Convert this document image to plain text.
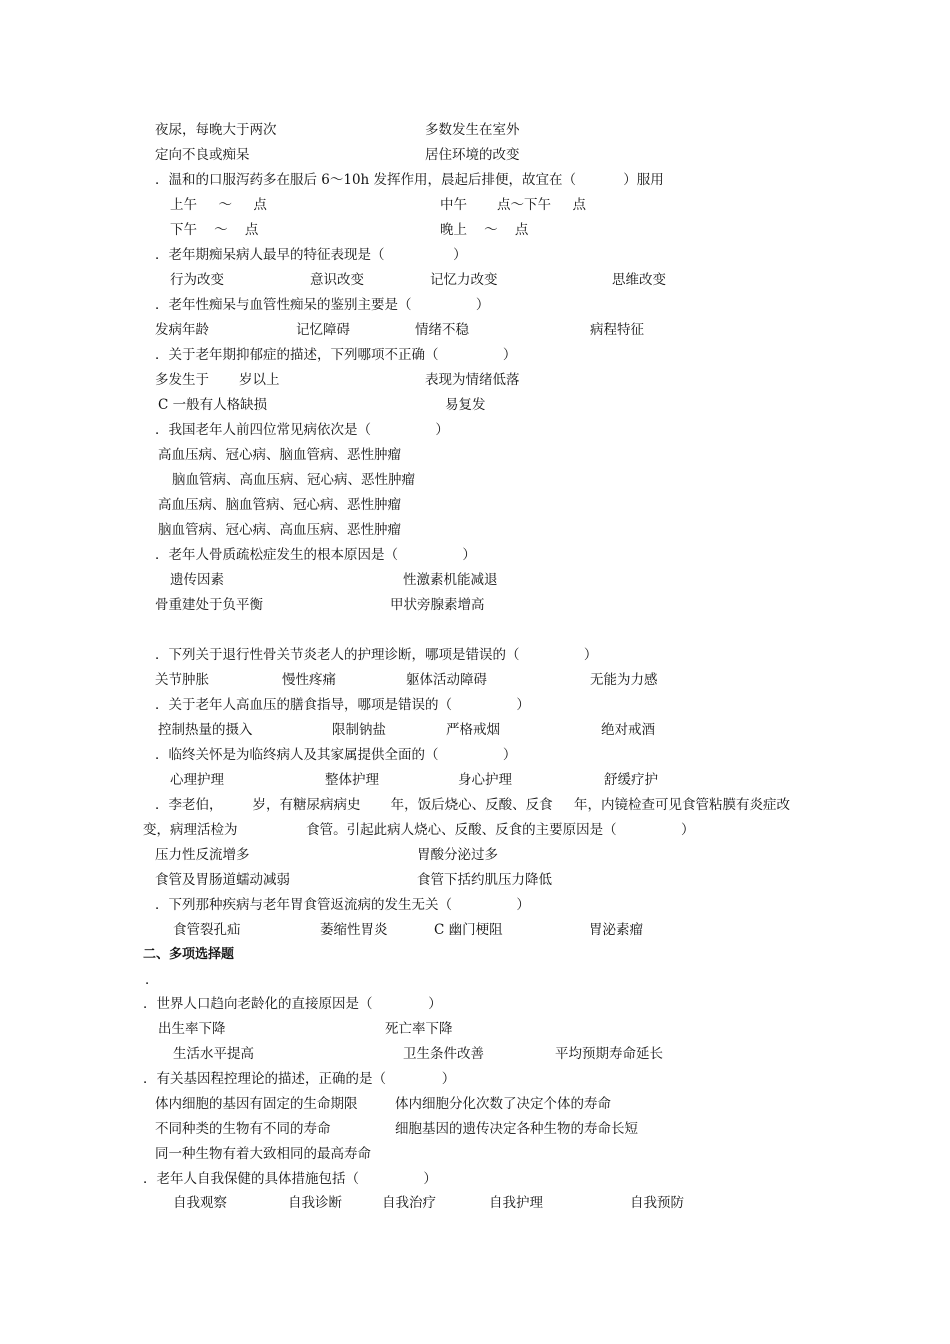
夜尿，每晚大于两次	多数发生在室外
定向不良或痴呆	居住环境的改变
．温和的口服泻药多在服后 6～10h 发挥作用，晨起后排便，故宜在（           ）服用
上午     ～     点	中午       点～下午     点
下午    ～    点	晚上    ～    点
．老年期痴呆病人最早的特征表现是（                ）
行为改变	意识改变	记忆力改变	思维改变
．老年性痴呆与血管性痴呆的鉴别主要是（               ）
发病年龄	记忆障碍	情绪不稳	病程特征
．关于老年期抑郁症的描述，下列哪项不正确（               ）
多发生于       岁以上	表现为情绪低落
C 一般有人格缺损	易复发
．我国老年人前四位常见病依次是（               ）
高血压病、冠心病、脑血管病、恶性肿瘤
脑血管病、高血压病、冠心病、恶性肿瘤
高血压病、脑血管病、冠心病、恶性肿瘤
脑血管病、冠心病、高血压病、恶性肿瘤
．老年人骨质疏松症发生的根本原因是（               ）
遗传因素	性激素机能减退
骨重建处于负平衡	甲状旁腺素增高
．下列关于退行性骨关节炎老人的护理诊断，哪项是错误的（               ）
关节肿胀	慢性疼痛	躯体活动障碍	无能为力感
．关于老年人高血压的膳食指导，哪项是错误的（               ）
控制热量的摄入	限制钠盐	严格戒烟	绝对戒酒
．临终关怀是为临终病人及其家属提供全面的（               ）
心理护理	整体护理	身心护理	舒缓疗护
．李老伯，       岁，有糖尿病病史       年，饭后烧心、反酸、反食     年，内镜检查可见食管粘膜有炎症改
变，病理活检为                食管。引起此病人烧心、反酸、反食的主要原因是（               ）
压力性反流增多	胃酸分泌过多
食管及胃肠道蠕动减弱	食管下括约肌压力降低
．下列那种疾病与老年胃食管返流病的发生无关（               ）
食管裂孔疝	萎缩性胃炎	C 幽门梗阻	胃泌素瘤
二、多项选择题
．
．世界人口趋向老龄化的直接原因是（             ）
出生率下降	死亡率下降
生活水平提高	卫生条件改善	平均预期寿命延长
．有关基因程控理论的描述，正确的是（             ）
体内细胞的基因有固定的生命期限	体内细胞分化次数了决定个体的寿命
不同种类的生物有不同的寿命	细胞基因的遗传决定各种生物的寿命长短
同一种生物有着大致相同的最高寿命
．老年人自我保健的具体措施包括（               ）
自我观察	自我诊断	自我治疗	自我护理	自我预防
